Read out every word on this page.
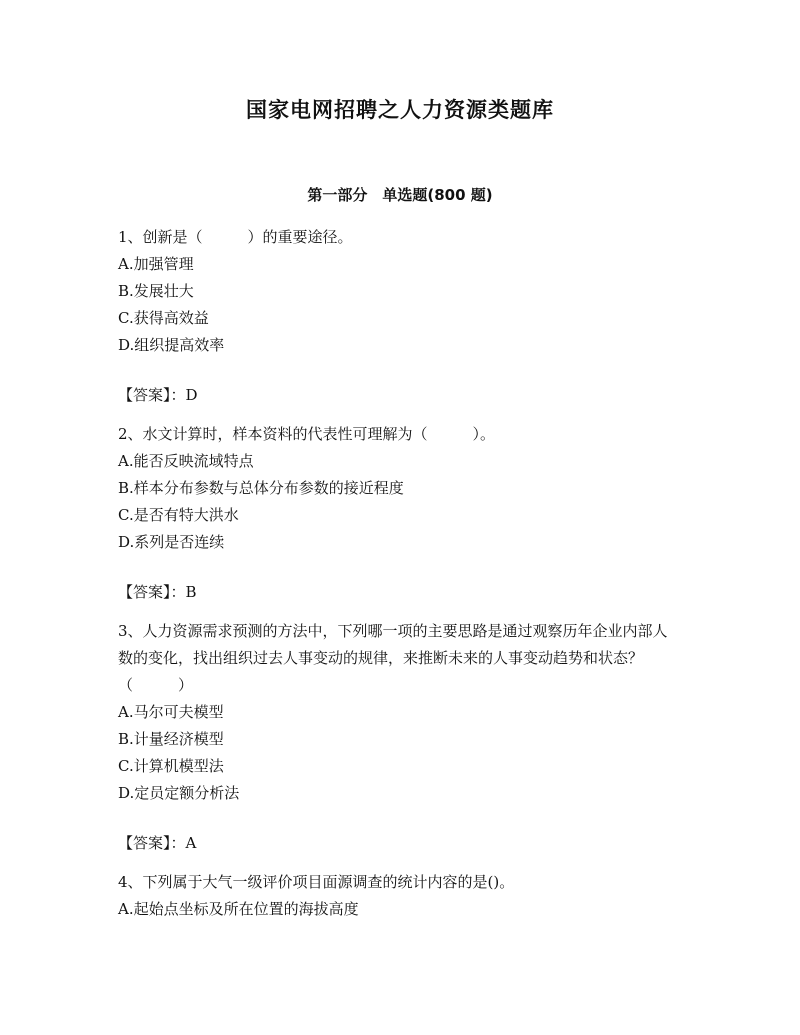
国家电网招聘之人力资源类题库
第一部分　单选题(800 题)

1、创新是（　　　）的重要途径。

A.加强管理

B.发展壮大

C.获得高效益

D.组织提高效率

【答案】：D

2、水文计算时，样本资料的代表性可理解为（　　　）。

A.能否反映流域特点

B.样本分布参数与总体分布参数的接近程度

C.是否有特大洪水

D.系列是否连续

【答案】：B

3、人力资源需求预测的方法中，下列哪一项的主要思路是通过观察历年企业内部人数的变化，找出组织过去人事变动的规律，来推断未来的人事变动趋势和状态？（　　　）

A.马尔可夫模型

B.计量经济模型

C.计算机模型法

D.定员定额分析法

【答案】：A

4、下列属于大气一级评价项目面源调查的统计内容的是()。

A.起始点坐标及所在位置的海拔高度
